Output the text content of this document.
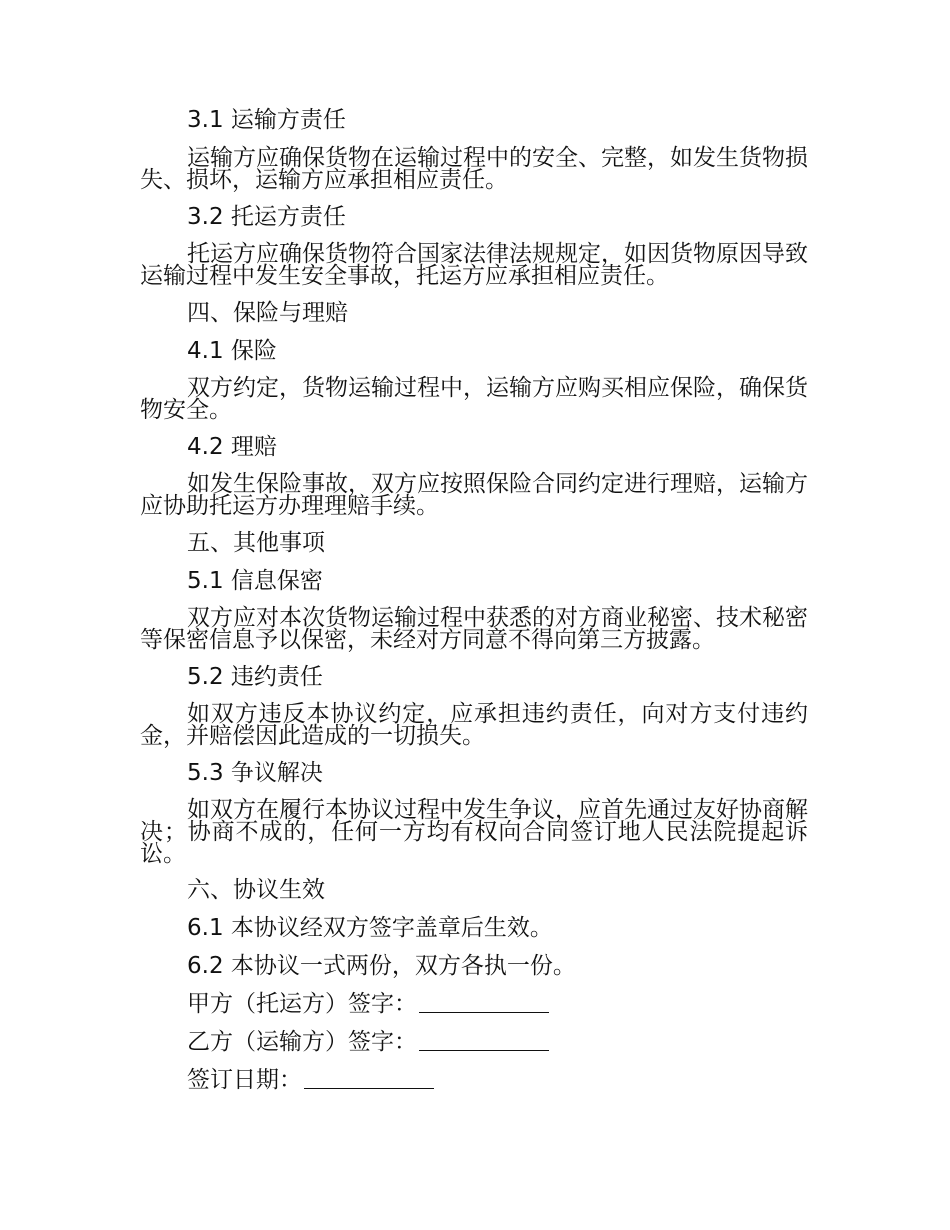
3.1 运输方责任
运输方应确保货物在运输过程中的安全、完整，如发生货物损失、损坏，运输方应承担相应责任。
3.2 托运方责任
托运方应确保货物符合国家法律法规规定，如因货物原因导致运输过程中发生安全事故，托运方应承担相应责任。
四、保险与理赔
4.1 保险
双方约定，货物运输过程中，运输方应购买相应保险，确保货物安全。
4.2 理赔
如发生保险事故，双方应按照保险合同约定进行理赔，运输方应协助托运方办理理赔手续。
五、其他事项
5.1 信息保密
双方应对本次货物运输过程中获悉的对方商业秘密、技术秘密等保密信息予以保密，未经对方同意不得向第三方披露。
5.2 违约责任
如双方违反本协议约定，应承担违约责任，向对方支付违约金，并赔偿因此造成的一切损失。
5.3 争议解决
如双方在履行本协议过程中发生争议，应首先通过友好协商解决；协商不成的，任何一方均有权向合同签订地人民法院提起诉讼。
六、协议生效
6.1 本协议经双方签字盖章后生效。
6.2 本协议一式两份，双方各执一份。
甲方（托运方）签字：
乙方（运输方）签字：
签订日期：
